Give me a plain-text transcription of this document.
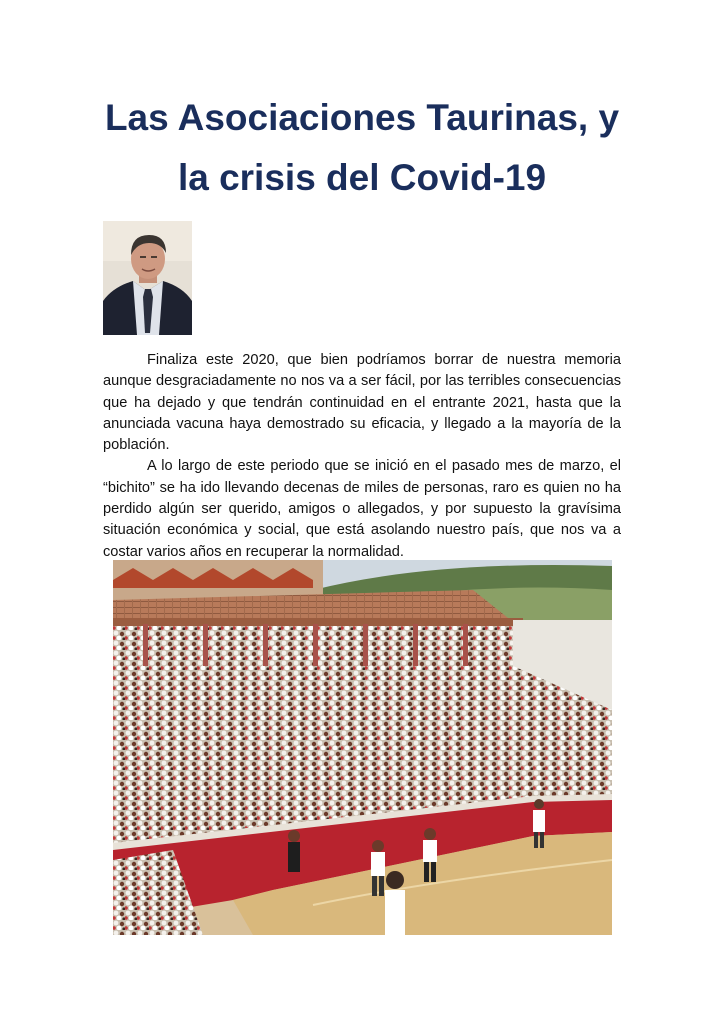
Las Asociaciones Taurinas, y
la crisis del Covid-19

Finaliza este 2020, que bien podríamos borrar de nuestra memoria aunque desgraciadamente no nos va a ser fácil, por las terribles consecuencias que ha dejado y que tendrán continuidad en el entrante 2021, hasta que la anunciada vacuna haya demostrado su eficacia, y llegado a la mayoría de la población.

A lo largo de este periodo que se inició en el pasado mes de marzo, el “bichito” se ha ido llevando decenas de miles de personas, raro es quien no ha perdido algún ser querido, amigos o allegados, y por supuesto la gravísima situación económica y social, que está asolando nuestro país, que nos va a costar varios años en recuperar la normalidad.
